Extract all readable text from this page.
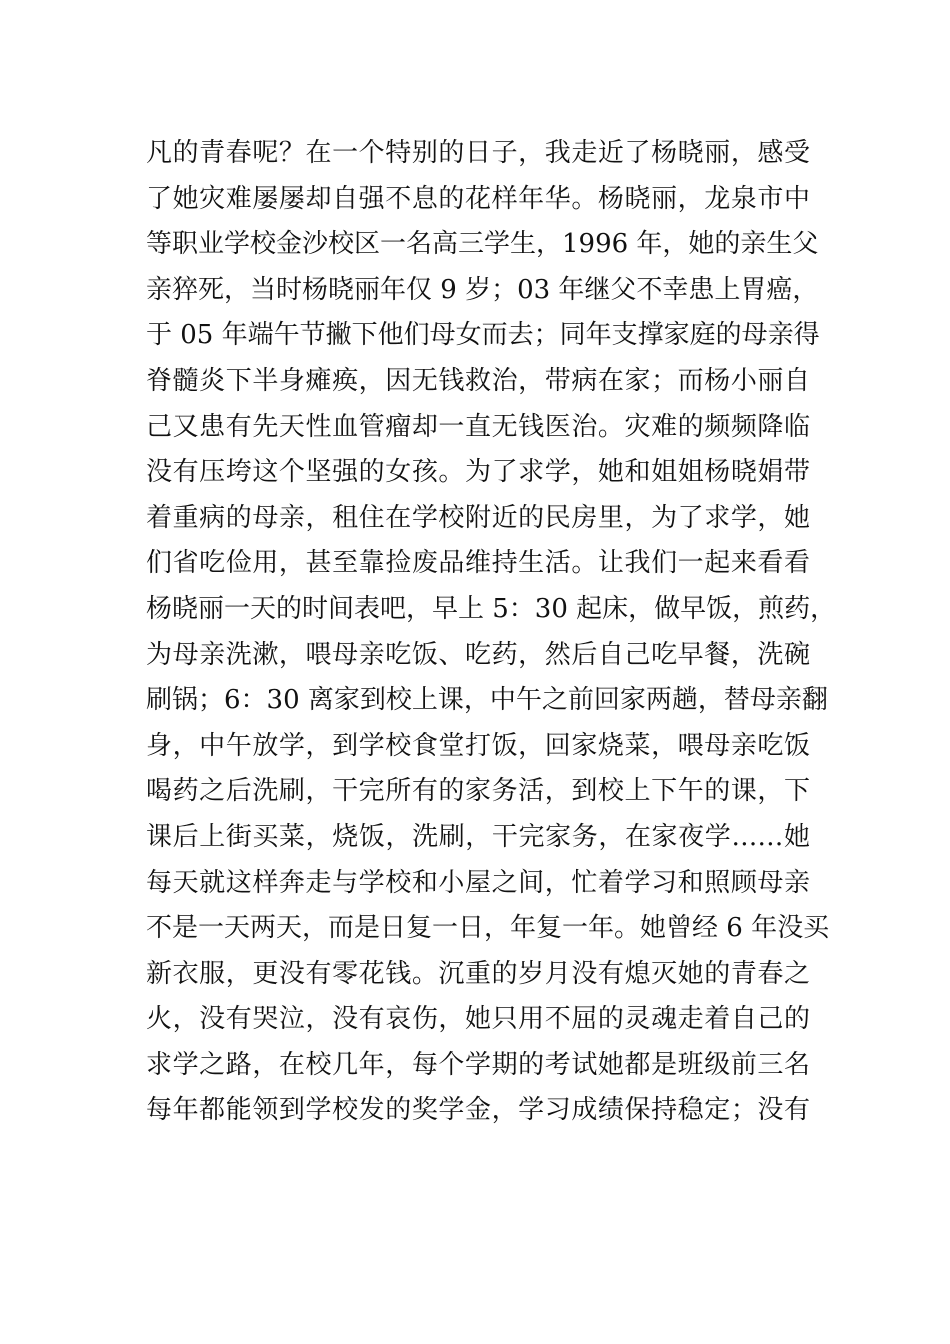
凡的青春呢？在一个特别的日子，我走近了杨晓丽，感受
了她灾难屡屡却自强不息的花样年华。杨晓丽，龙泉市中
等职业学校金沙校区一名高三学生，1996 年，她的亲生父
亲猝死，当时杨晓丽年仅 9 岁；03 年继父不幸患上胃癌，
于 05 年端午节撇下他们母女而去；同年支撑家庭的母亲得
脊髓炎下半身瘫痪，因无钱救治，带病在家；而杨小丽自
己又患有先天性血管瘤却一直无钱医治。灾难的频频降临
没有压垮这个坚强的女孩。为了求学，她和姐姐杨晓娟带
着重病的母亲，租住在学校附近的民房里，为了求学，她
们省吃俭用，甚至靠捡废品维持生活。让我们一起来看看
杨晓丽一天的时间表吧，早上 5：30 起床，做早饭，煎药，
为母亲洗漱，喂母亲吃饭、吃药，然后自己吃早餐，洗碗
刷锅；6：30 离家到校上课，中午之前回家两趟，替母亲翻
身，中午放学，到学校食堂打饭，回家烧菜，喂母亲吃饭
喝药之后洗刷，干完所有的家务活，到校上下午的课，下
课后上街买菜，烧饭，洗刷，干完家务，在家夜学……她
每天就这样奔走与学校和小屋之间，忙着学习和照顾母亲
不是一天两天，而是日复一日，年复一年。她曾经 6 年没买
新衣服，更没有零花钱。沉重的岁月没有熄灭她的青春之
火，没有哭泣，没有哀伤，她只用不屈的灵魂走着自己的
求学之路，在校几年，每个学期的考试她都是班级前三名
每年都能领到学校发的奖学金，学习成绩保持稳定；没有
